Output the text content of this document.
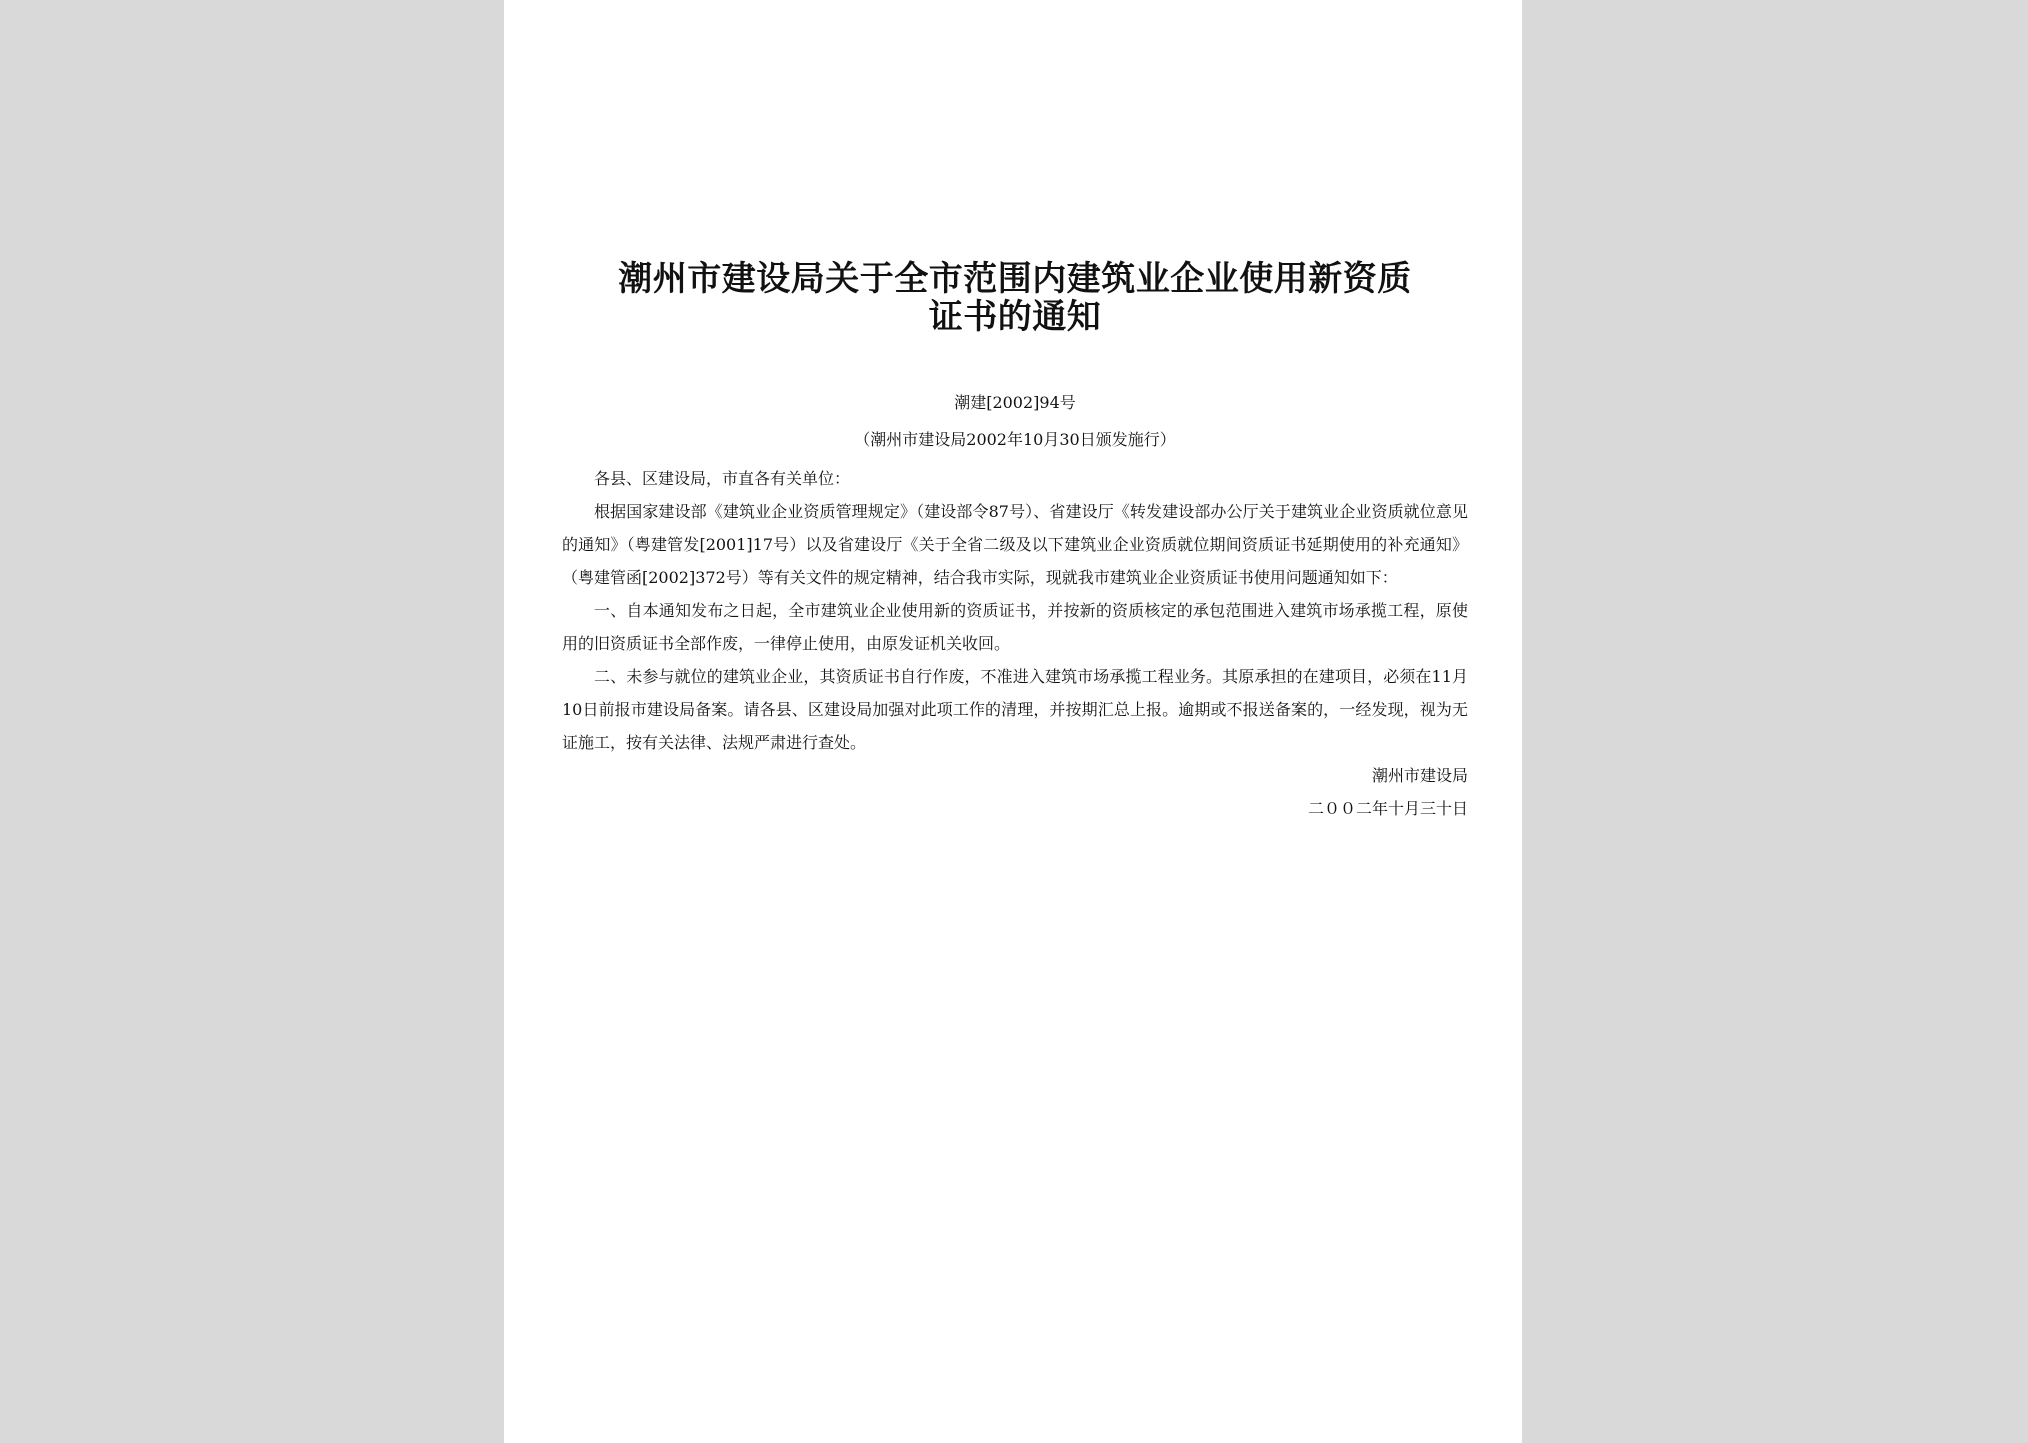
潮州市建设局关于全市范围内建筑业企业使用新资质
证书的通知
潮建[2002]94号
（潮州市建设局2002年10月30日颁发施行）
各县、区建设局，市直各有关单位：

根据国家建设部《建筑业企业资质管理规定》（建设部令87号）、省建设厅《转发建设部办公厅关于建筑业企业资质就位意见的通知》（粤建管发[2001]17号）以及省建设厅《关于全省二级及以下建筑业企业资质就位期间资质证书延期使用的补充通知》（粤建管函[2002]372号）等有关文件的规定精神，结合我市实际，现就我市建筑业企业资质证书使用问题通知如下：

一、自本通知发布之日起，全市建筑业企业使用新的资质证书，并按新的资质核定的承包范围进入建筑市场承揽工程，原使用的旧资质证书全部作废，一律停止使用，由原发证机关收回。

二、未参与就位的建筑业企业，其资质证书自行作废，不准进入建筑市场承揽工程业务。其原承担的在建项目，必须在11月10日前报市建设局备案。请各县、区建设局加强对此项工作的清理，并按期汇总上报。逾期或不报送备案的，一经发现，视为无证施工，按有关法律、法规严肃进行查处。

潮州市建设局
二００二年十月三十日
